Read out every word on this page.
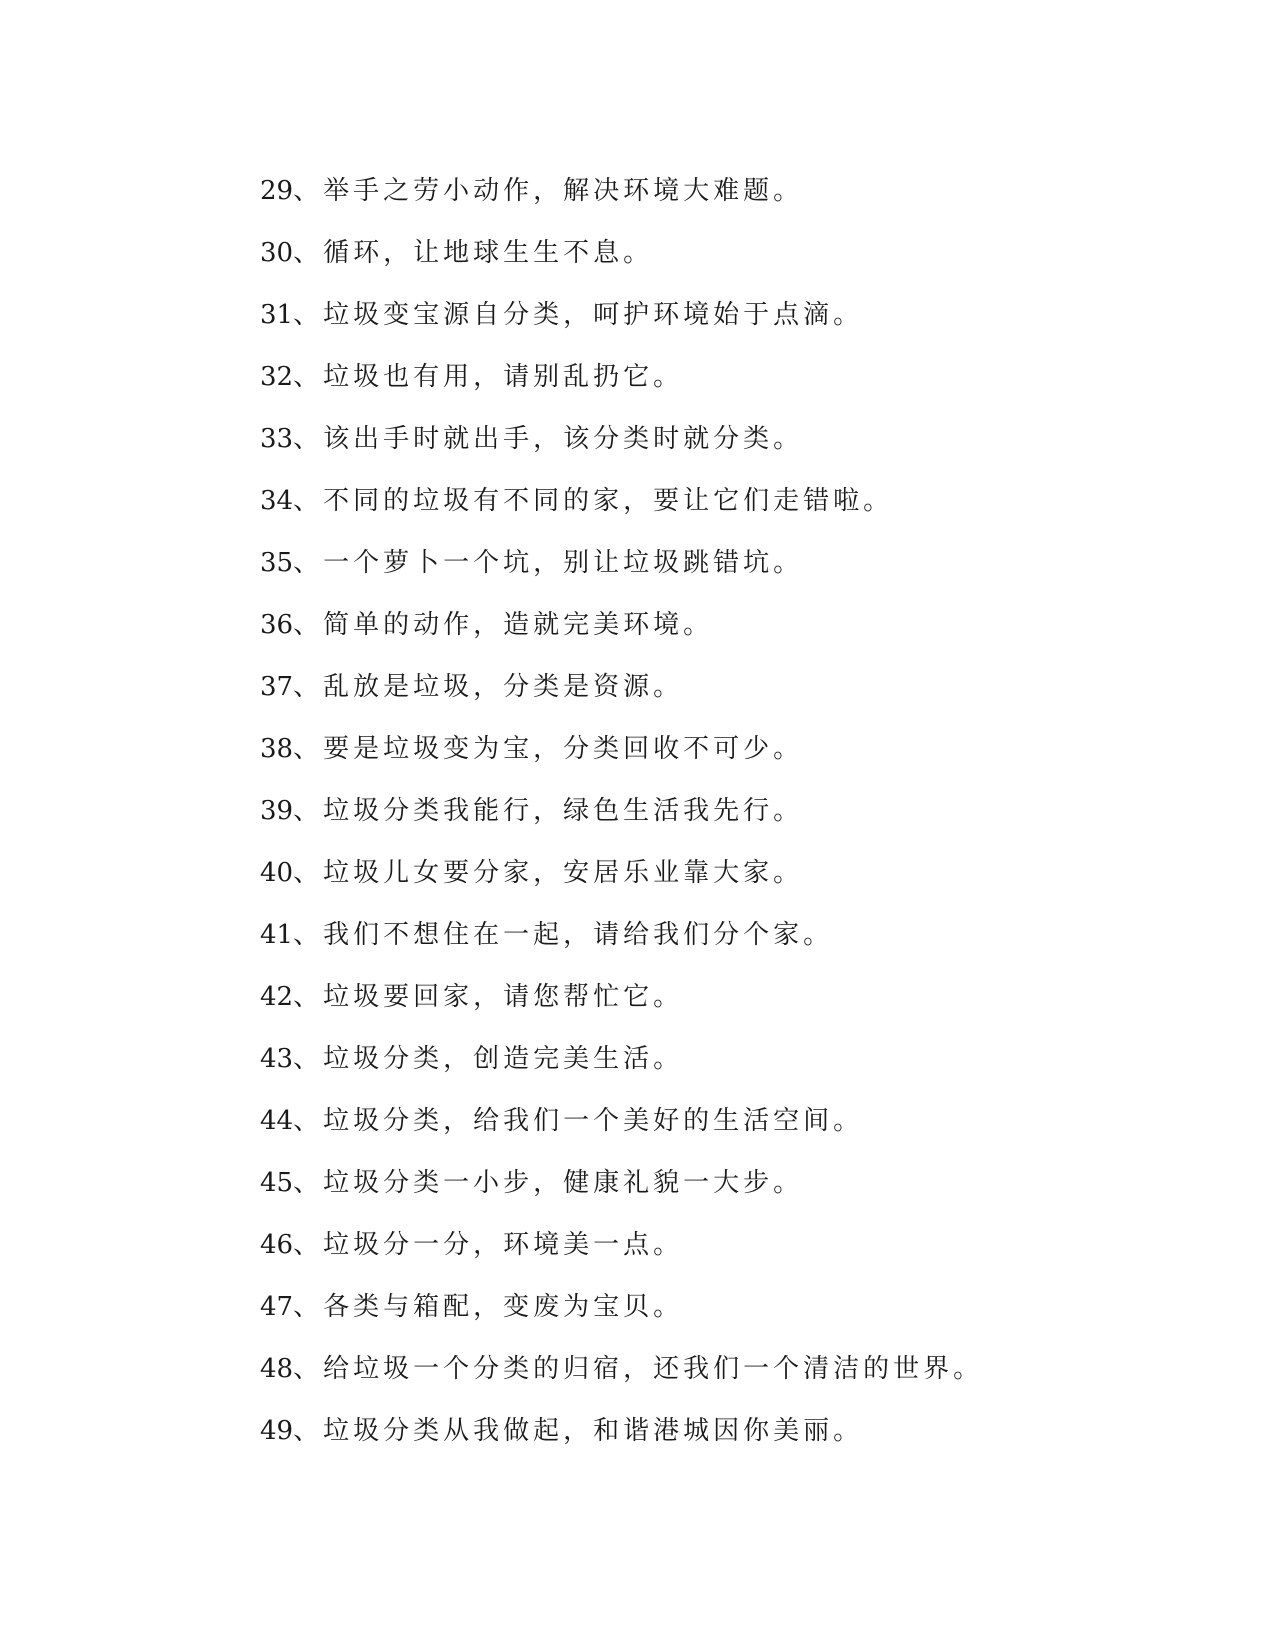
29、举手之劳小动作，解决环境大难题。
30、循环，让地球生生不息。
31、垃圾变宝源自分类，呵护环境始于点滴。
32、垃圾也有用，请别乱扔它。
33、该出手时就出手，该分类时就分类。
34、不同的垃圾有不同的家，要让它们走错啦。
35、一个萝卜一个坑，别让垃圾跳错坑。
36、简单的动作，造就完美环境。
37、乱放是垃圾，分类是资源。
38、要是垃圾变为宝，分类回收不可少。
39、垃圾分类我能行，绿色生活我先行。
40、垃圾儿女要分家，安居乐业靠大家。
41、我们不想住在一起，请给我们分个家。
42、垃圾要回家，请您帮忙它。
43、垃圾分类，创造完美生活。
44、垃圾分类，给我们一个美好的生活空间。
45、垃圾分类一小步，健康礼貌一大步。
46、垃圾分一分，环境美一点。
47、各类与箱配，变废为宝贝。
48、给垃圾一个分类的归宿，还我们一个清洁的世界。
49、垃圾分类从我做起，和谐港城因你美丽。
